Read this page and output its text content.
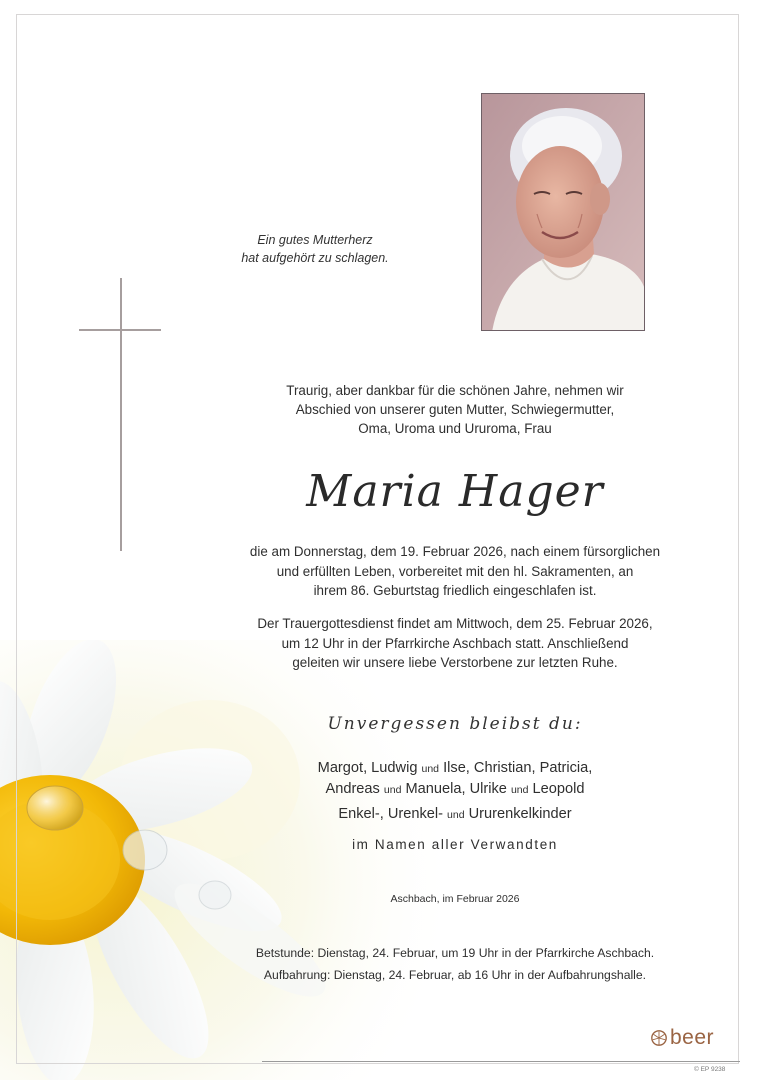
Ein gutes Mutterherz
hat aufgehört zu schlagen.
Traurig, aber dankbar für die schönen Jahre, nehmen wir
Abschied von unserer guten Mutter, Schwiegermutter,
Oma, Uroma und Ururoma, Frau
Maria Hager
die am Donnerstag, dem 19. Februar 2026, nach einem fürsorglichen
und erfüllten Leben, vorbereitet mit den hl. Sakramenten, an
ihrem 86. Geburtstag friedlich eingeschlafen ist.
Der Trauergottesdienst findet am Mittwoch, dem 25. Februar 2026,
um 12 Uhr in der Pfarrkirche Aschbach statt. Anschließend
geleiten wir unsere liebe Verstorbene zur letzten Ruhe.
Unvergessen bleibst du:
Margot, Ludwig und Ilse, Christian, Patricia,
Andreas und Manuela, Ulrike und Leopold
Enkel-, Urenkel- und Ururenkelkinder
im Namen aller Verwandten
Aschbach, im Februar 2026
Betstunde: Dienstag, 24. Februar, um 19 Uhr in der Pfarrkirche Aschbach.
Aufbahrung: Dienstag, 24. Februar, ab 16 Uhr in der Aufbahrungshalle.
beer
© EP 9238
